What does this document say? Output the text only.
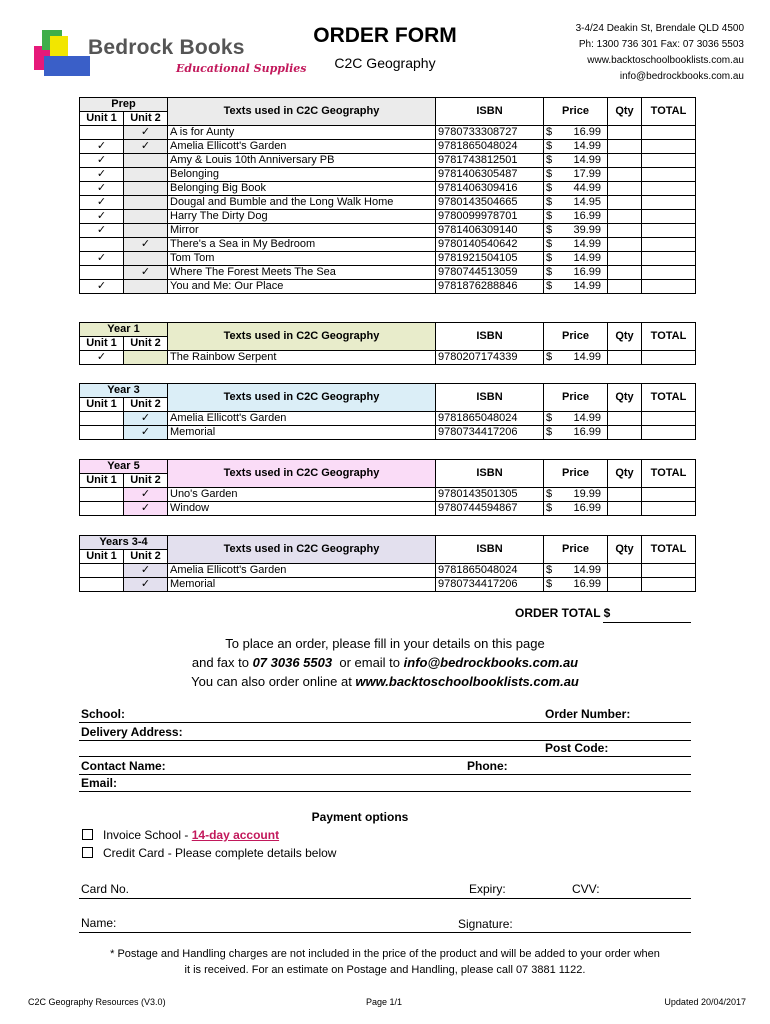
Bedrock Books
Educational Supplies
ORDER FORM
C2C Geography
3-4/24 Deakin St, Brendale QLD 4500
Ph: 1300 736 301 Fax: 07 3036 5503
www.backtoschoolbooklists.com.au
info@bedrockbooks.com.au
Prep		Texts used in C2C Geography	ISBN	Price	Qty	TOTAL
Unit 1	Unit 2					
	✓	A is for Aunty	9780733308727	$ 16.99		

✓	✓	Amelia Ellicott's Garden	9781865048024	$ 14.99		

✓		Amy & Louis 10th Anniversary PB	9781743812501	$ 14.99		

✓		Belonging	9781406305487	$ 17.99		

✓		Belonging Big Book	9781406309416	$ 44.99		

✓		Dougal and Bumble and the Long Walk Home	9780143504665	$ 14.95		

✓		Harry The Dirty Dog	9780099978701	$ 16.99		

✓		Mirror	9781406309140	$ 39.99		

	✓	There's a Sea in My Bedroom	9780140540642	$ 14.99		

✓		Tom Tom	9781921504105	$ 14.99		

	✓	Where The Forest Meets The Sea	9780744513059	$ 16.99		

✓		You and Me: Our Place	9781876288846	$ 14.99		

Year 1		Texts used in C2C Geography	ISBN	Price	Qty	TOTAL
Unit 1	Unit 2					
✓		The Rainbow Serpent	9780207174339	$ 14.99		

Year 3		Texts used in C2C Geography	ISBN	Price	Qty	TOTAL
Unit 1	Unit 2					
	✓	Amelia Ellicott's Garden	9781865048024	$ 14.99		

	✓	Memorial	9780734417206	$ 16.99		

Year 5		Texts used in C2C Geography	ISBN	Price	Qty	TOTAL
Unit 1	Unit 2					
	✓	Uno's Garden	9780143501305	$ 19.99		

	✓	Window	9780744594867	$ 16.99		

Years 3-4		Texts used in C2C Geography	ISBN	Price	Qty	TOTAL
Unit 1	Unit 2					
	✓	Amelia Ellicott's Garden	9781865048024	$ 14.99		

	✓	Memorial	9780734417206	$ 16.99		

ORDER TOTAL $
To place an order, please fill in your details on this page
and fax to 07 3036 5503  or email to info@bedrockbooks.com.au
You can also order online at www.backtoschoolbooklists.com.au
School:	Order Number:
Delivery Address:
Post Code:
Contact Name:	Phone:
Email:
Payment options
Invoice School - 14-day account
Credit Card - Please complete details below
Card No.	Expiry:	CVV:
Name:	Signature:
* Postage and Handling charges are not included in the price of the product and will be added to your order when
it is received. For an estimate on Postage and Handling, please call 07 3881 1122.
C2C Geography Resources (V3.0)	Page 1/1	Updated 20/04/2017
